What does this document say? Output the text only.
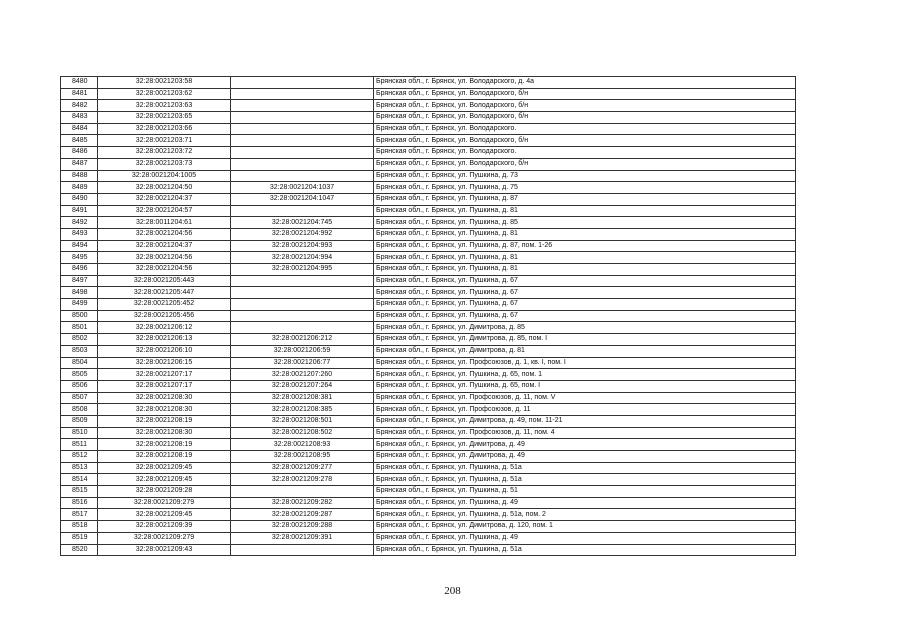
8480	32:28:0021203:58		Брянская обл., г. Брянск, ул. Володарского, д. 4а
8481	32:28:0021203:62		Брянская обл., г. Брянск, ул. Володарского, б/н
8482	32:28:0021203:63		Брянская обл., г. Брянск, ул. Володарского, б/н
8483	32:28:0021203:65		Брянская обл., г. Брянск, ул. Володарского, б/н
8484	32:28:0021203:66		Брянская обл., г. Брянск, ул. Володарского.
8485	32:28:0021203:71		Брянская обл., г. Брянск, ул. Володарского, б/н
8486	32:28:0021203:72		Брянская обл., г. Брянск, ул. Володарского.
8487	32:28:0021203:73		Брянская обл., г. Брянск, ул. Володарского, б/н
8488	32:28:0021204:1005		Брянская обл., г. Брянск, ул. Пушкина, д. 73
8489	32:28:0021204:50	32:28:0021204:1037	Брянская обл., г. Брянск, ул. Пушкина, д. 75
8490	32:28:0021204:37	32:28:0021204:1047	Брянская обл., г. Брянск, ул. Пушкина, д. 87
8491	32:28:0021204:57		Брянская обл., г. Брянск, ул. Пушкина, д. 81
8492	32:28:0011204:61	32:28:0021204:745	Брянская обл., г. Брянск, ул. Пушкина, д. 85
8493	32:28:0021204:56	32:28:0021204:992	Брянская обл., г. Брянск, ул. Пушкина, д. 81
8494	32:28:0021204:37	32:28:0021204:993	Брянская обл., г. Брянск, ул. Пушкина, д. 87, пом. 1-26
8495	32:28:0021204:56	32:28:0021204:994	Брянская обл., г. Брянск, ул. Пушкина, д. 81
8496	32:28:0021204:56	32:28:0021204:995	Брянская обл., г. Брянск, ул. Пушкина, д. 81
8497	32:28:0021205:443		Брянская обл., г. Брянск, ул. Пушкина, д. 67
8498	32:28:0021205:447		Брянская обл., г. Брянск, ул. Пушкина, д. 67
8499	32:28:0021205:452		Брянская обл., г. Брянск, ул. Пушкина, д. 67
8500	32:28:0021205:456		Брянская обл., г. Брянск, ул. Пушкина, д. 67
8501	32:28:0021206:12		Брянская обл., г. Брянск, ул. Димитрова, д. 85
8502	32:28:0021206:13	32:28:0021206:212	Брянская обл., г. Брянск, ул. Димитрова, д. 85, пом. I
8503	32:28:0021206:10	32:28:0021206:59	Брянская обл., г. Брянск, ул. Димитрова, д. 81
8504	32:28:0021206:15	32:28:0021206:77	Брянская обл., г. Брянск, ул. Профсоюзов, д. 1, кв. I, пом. I
8505	32:28:0021207:17	32:28:0021207:260	Брянская обл., г. Брянск, ул. Пушкина, д. 65, пом. 1
8506	32:28:0021207:17	32:28:0021207:264	Брянская обл., г. Брянск, ул. Пушкина, д. 65, пом. I
8507	32:28:0021208:30	32:28:0021208:381	Брянская обл., г. Брянск, ул. Профсоюзов, д. 11, пом. V
8508	32:28:0021208:30	32:28:0021208:385	Брянская обл., г. Брянск, ул. Профсоюзов, д. 11
8509	32:28:0021208:19	32:28:0021208:501	Брянская обл., г. Брянск, ул. Димитрова, д. 49, пом. 11-21
8510	32:28:0021208:30	32:28:0021208:502	Брянская обл., г. Брянск, ул. Профсоюзов, д. 11, пом. 4
8511	32:28:0021208:19	32:28:0021208:93	Брянская обл., г. Брянск, ул. Димитрова, д. 49
8512	32:28:0021208:19	32:28:0021208:95	Брянская обл., г. Брянск, ул. Димитрова, д. 49
8513	32:28:0021209:45	32:28:0021209:277	Брянская обл., г. Брянск, ул. Пушкина, д. 51а
8514	32:28:0021209:45	32:28:0021209:278	Брянская обл., г. Брянск, ул. Пушкина, д. 51а
8515	32:28:0021209:28		Брянская обл., г. Брянск, ул. Пушкина, д. 51
8516	32:28:0021209:279	32:28:0021209:282	Брянская обл., г. Брянск, ул. Пушкина, д. 49
8517	32:28:0021209:45	32:28:0021209:287	Брянская обл., г. Брянск, ул. Пушкина, д. 51а, пом. 2
8518	32:28:0021209:39	32:28:0021209:288	Брянская обл., г. Брянск, ул. Димитрова, д. 120, пом. 1
8519	32:28:0021209:279	32:28:0021209:391	Брянская обл., г. Брянск, ул. Пушкина, д. 49
8520	32:28:0021209:43		Брянская обл., г. Брянск, ул. Пушкина, д. 51а
208
